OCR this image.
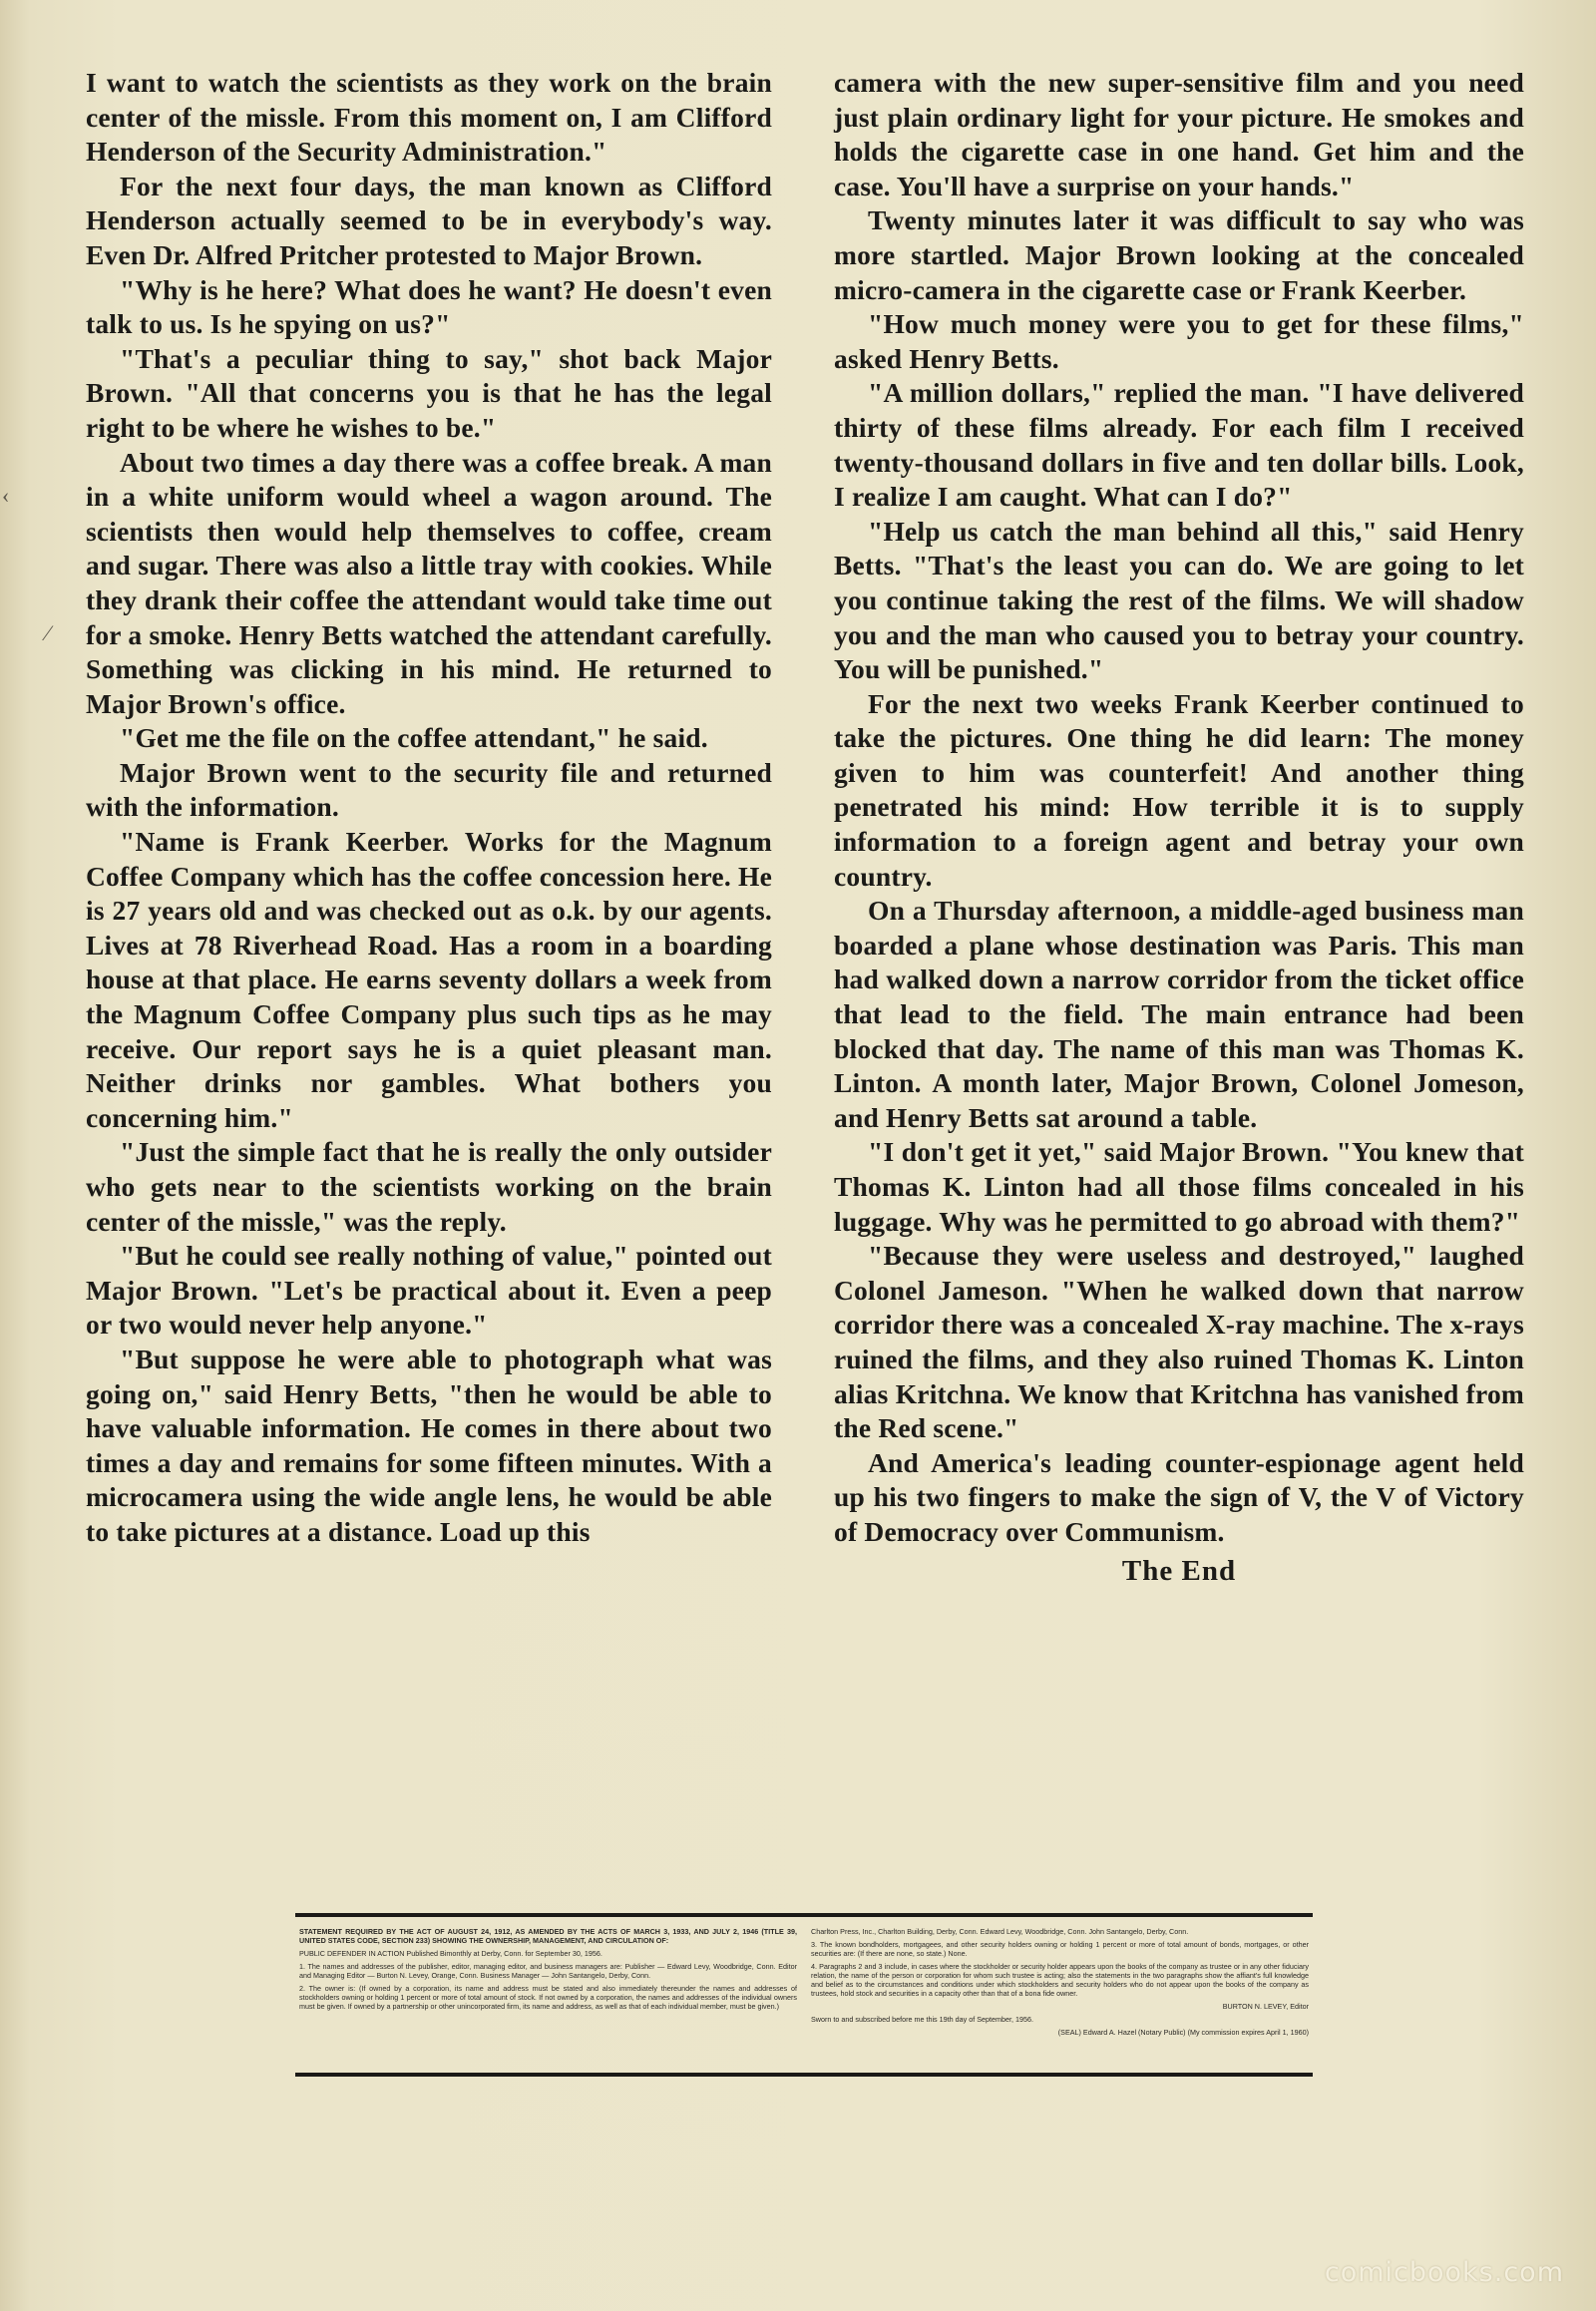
‹
⁄

I want to watch the scientists as they work on the brain center of the missle. From this moment on, I am Clifford Henderson of the Security Administration."

For the next four days, the man known as Clifford Henderson actually seemed to be in everybody's way. Even Dr. Alfred Pritcher protested to Major Brown.

"Why is he here? What does he want? He doesn't even talk to us. Is he spying on us?"

"That's a peculiar thing to say," shot back Major Brown. "All that concerns you is that he has the legal right to be where he wishes to be."

About two times a day there was a coffee break. A man in a white uniform would wheel a wagon around. The scientists then would help themselves to coffee, cream and sugar. There was also a little tray with cookies. While they drank their coffee the attendant would take time out for a smoke. Henry Betts watched the attendant carefully. Something was clicking in his mind. He returned to Major Brown's office.

"Get me the file on the coffee attendant," he said.

Major Brown went to the security file and returned with the information.

"Name is Frank Keerber. Works for the Magnum Coffee Company which has the coffee concession here. He is 27 years old and was checked out as o.k. by our agents. Lives at 78 Riverhead Road. Has a room in a boarding house at that place. He earns seventy dollars a week from the Magnum Coffee Company plus such tips as he may receive. Our report says he is a quiet pleasant man. Neither drinks nor gambles. What bothers you concerning him."

"Just the simple fact that he is really the only outsider who gets near to the scientists working on the brain center of the missle," was the reply.

"But he could see really nothing of value," pointed out Major Brown. "Let's be practical about it. Even a peep or two would never help anyone."

"But suppose he were able to photograph what was going on," said Henry Betts, "then he would be able to have valuable information. He comes in there about two times a day and remains for some fifteen minutes. With a microcamera using the wide angle lens, he would be able to take pictures at a distance. Load up this

camera with the new super-sensitive film and you need just plain ordinary light for your picture. He smokes and holds the cigarette case in one hand. Get him and the case. You'll have a surprise on your hands."

Twenty minutes later it was difficult to say who was more startled. Major Brown looking at the concealed micro-camera in the cigarette case or Frank Keerber.

"How much money were you to get for these films," asked Henry Betts.

"A million dollars," replied the man. "I have delivered thirty of these films already. For each film I received twenty-thousand dollars in five and ten dollar bills. Look, I realize I am caught. What can I do?"

"Help us catch the man behind all this," said Henry Betts. "That's the least you can do. We are going to let you continue taking the rest of the films. We will shadow you and the man who caused you to betray your country. You will be punished."

For the next two weeks Frank Keerber continued to take the pictures. One thing he did learn: The money given to him was counterfeit! And another thing penetrated his mind: How terrible it is to supply information to a foreign agent and betray your own country.

On a Thursday afternoon, a middle-aged business man boarded a plane whose destination was Paris. This man had walked down a narrow corridor from the ticket office that lead to the field. The main entrance had been blocked that day. The name of this man was Thomas K. Linton. A month later, Major Brown, Colonel Jomeson, and Henry Betts sat around a table.

"I don't get it yet," said Major Brown. "You knew that Thomas K. Linton had all those films concealed in his luggage. Why was he permitted to go abroad with them?"

"Because they were useless and destroyed," laughed Colonel Jameson. "When he walked down that narrow corridor there was a concealed X-ray machine. The x-rays ruined the films, and they also ruined Thomas K. Linton alias Kritchna. We know that Kritchna has vanished from the Red scene."

And America's leading counter-espionage agent held up his two fingers to make the sign of V, the V of Victory of Democracy over Communism.

The End

STATEMENT REQUIRED BY THE ACT OF AUGUST 24, 1912, AS AMENDED BY THE ACTS OF MARCH 3, 1933, AND JULY 2, 1946 (TITLE 39, UNITED STATES CODE, SECTION 233) SHOWING THE OWNERSHIP, MANAGEMENT, AND CIRCULATION OF:

PUBLIC DEFENDER IN ACTION Published Bimonthly at Derby, Conn. for September 30, 1956.

1. The names and addresses of the publisher, editor, managing editor, and business managers are: Publisher — Edward Levy, Woodbridge, Conn. Editor and Managing Editor — Burton N. Levey, Orange, Conn. Business Manager — John Santangelo, Derby, Conn.

2. The owner is: (If owned by a corporation, its name and address must be stated and also immediately thereunder the names and addresses of stockholders owning or holding 1 percent or more of total amount of stock. If not owned by a corporation, the names and addresses of the individual owners must be given. If owned by a partnership or other unincorporated firm, its name and address, as well as that of each individual member, must be given.)

Charlton Press, Inc., Charlton Building, Derby, Conn. Edward Levy, Woodbridge, Conn. John Santangelo, Derby, Conn.

3. The known bondholders, mortgagees, and other security holders owning or holding 1 percent or more of total amount of bonds, mortgages, or other securities are: (If there are none, so state.) None.

4. Paragraphs 2 and 3 include, in cases where the stockholder or security holder appears upon the books of the company as trustee or in any other fiduciary relation, the name of the person or corporation for whom such trustee is acting; also the statements in the two paragraphs show the affiant's full knowledge and belief as to the circumstances and conditions under which stockholders and security holders who do not appear upon the books of the company as trustees, hold stock and securities in a capacity other than that of a bona fide owner.

BURTON N. LEVEY, Editor

Sworn to and subscribed before me this 19th day of September, 1956.

(SEAL) Edward A. Hazel (Notary Public) (My commission expires April 1, 1960)

comicbooks.com
